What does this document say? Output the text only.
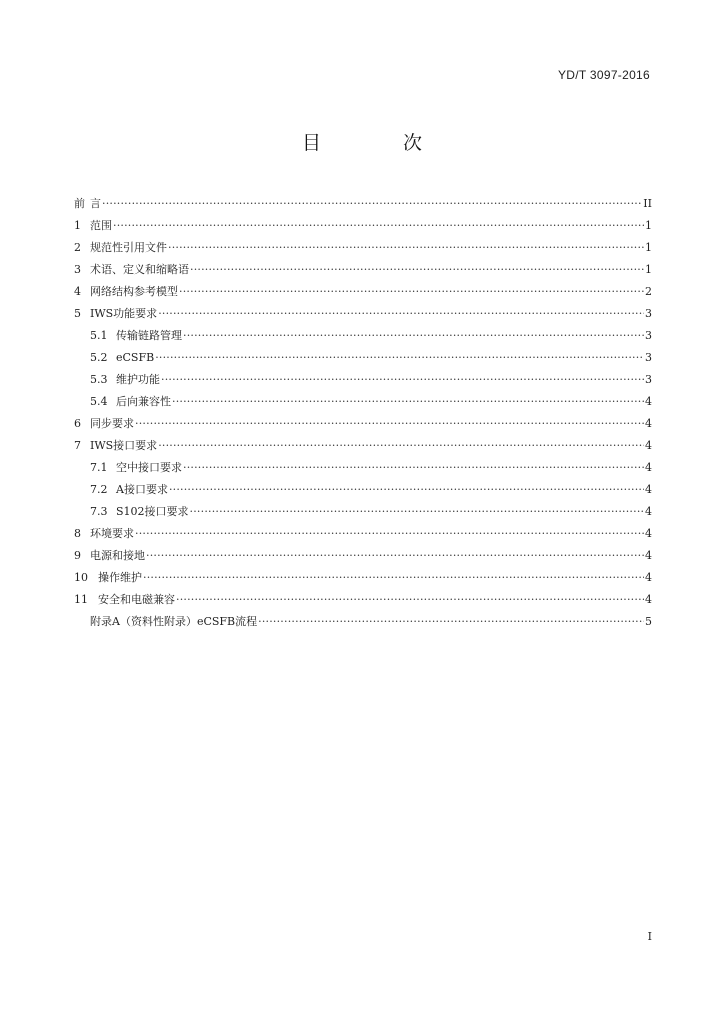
YD/T 3097-2016
目 次
前 言 ·····	II
1 范围 ·····	1
2 规范性引用文件 ·····	1
3 术语、定义和缩略语 ·····	1
4 网络结构参考模型 ·····	2
5 IWS功能要求 ·····	3
5.1 传输链路管理 ·····	3
5.2 eCSFB ·····	3
5.3 维护功能 ·····	3
5.4 后向兼容性 ·····	4
6 同步要求 ·····	4
7 IWS接口要求 ·····	4
7.1 空中接口要求 ·····	4
7.2 A接口要求 ·····	4
7.3 S102接口要求 ·····	4
8 环境要求 ·····	4
9 电源和接地 ·····	4
10 操作维护 ·····	4
11 安全和电磁兼容 ·····	4
附录A（资料性附录）eCSFB流程 ·····	5
I
